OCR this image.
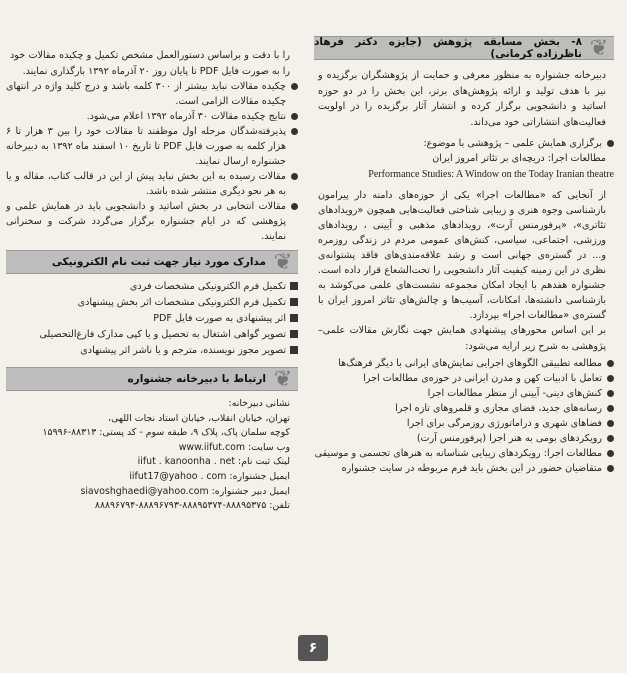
❦
۸- بخش مسابقه پژوهش (جایزه دکتر فرهاد ناظرزاده کرمانی)

دبیرخانه جشنواره به منظور معرفی و حمایت از پژوهشگران برگزیده و نیز با هدف تولید و ارائه پژوهش‌های برتر، این بخش را در دو حوزه اساتید و دانشجویی برگزار کرده و انتشار آثار برگزیده را در اولویت فعالیت‌های انتشاراتی خود می‌داند.

برگزاری همایش علمی – پژوهشی با موضوع:

مطالعات اجرا: دریچه‌ای بر تئاتر امروز ایران

Performance Studies: A Window on the Today Iranian theatre

از آنجایی که «مطالعات اجرا» یکی از حوزه‌های دامنه دار پیرامون بازشناسی وجوه هنری و زیبایی شناختی فعالیت‌هایی همچون «رویدادهای تئاتری»، «پرفورمنس آرت»، رویدادهای مذهبی و آیینی ، رویدادهای ورزشی، اجتماعی، سیاسی، کنش‌های عمومی مردم در زندگی روزمره و... در گستره‌ی جهانی است و رشد علاقه‌مندی‌های فاقد پشتوانه‌ی نظری در این زمینه کیفیت آثار دانشجویی را تحت‌الشعاع قرار داده است. جشنواره هفدهم با ایجاد امکان مجموعه نشست‌های علمی می‌کوشد به بازشناسی دانشته‌ها، امکانات، آسیب‌ها و چالش‌های تئاتر امروز ایران با گستره‌ی «مطالعات اجرا» بپردازد.

بر این اساس محورهای پیشنهادی همایش جهت نگارش مقالات علمی–پژوهشی به شرح زیر ارایه می‌شود:

مطالعه تطبیقی الگوهای اجرایی نمایش‌های ایرانی با دیگر فرهنگ‌ها
تعامل با ادبیات کهن و مدرن ایرانی در حوزه‌ی مطالعات اجرا
کنش‌های دینی- آیینی از منظر مطالعات اجرا
رسانه‌های جدید، فضای مجازی و قلمروهای تازه اجرا
فضاهای شهری و دراماتورژی روزمرگی برای اجرا
رویکردهای بومی به هنر اجرا (پرفورمنس آرت)
مطالعات اجرا: رویکردهای زیبایی شناسانه به هنرهای تجسمی و موسیقی
متقاضیان حضور در این بخش باید فرم مربوطه در سایت جشنواره

را با دقت و براساس دستورالعمل مشخص تکمیل و چکیده مقالات خود را به صورت فایل PDF تا پایان روز ۲۰ آذرماه ۱۳۹۲ بارگذاری نمایند.

چکیده مقالات نباید بیشتر از ۳۰۰ کلمه باشد و درج کلید واژه در انتهای چکیده مقالات الزامی است.
نتایج چکیده مقالات ۳۰ آذرماه ۱۳۹۲ اعلام می‌شود.
پذیرفته‌شدگان مرحله اول موظفند تا مقالات خود را بین ۳ هزار تا ۶ هزار کلمه به صورت فایل PDF تا تاریخ ۱۰ اسفند ماه ۱۳۹۲ به دبیرخانه جشنواره ارسال نمایند.
مقالات رسیده به این بخش نباید پیش از این در قالب کتاب، مقاله و یا به هر نحو دیگری منتشر شده باشد.
مقالات انتخابی در بخش اساتید و دانشجویی باید در همایش علمی و پژوهشی که در ایام جشنواره برگزار می‌گردد شرکت و سخنرانی نمایند.
❦
مدارک مورد نیاز جهت ثبت نام الکترونیکی
تکمیل فرم الکترونیکی مشخصات فردی
تکمیل فرم الکترونیکی مشخصات اثر بخش پیشنهادی
اثر پیشنهادی به صورت فایل PDF
تصویر گواهی اشتغال به تحصیل و یا کپی مدارک فارغ‌التحصیلی
تصویر مجوز نویسنده، مترجم و یا ناشر اثر پیشنهادی
❦
ارتباط با دبیرخانه جشنواره

نشانی دبیرخانه:

تهران، خیابان انقلاب، خیابان استاد نجات اللهی،

کوچه سلمان پاک، پلاک ۹، طبقه سوم - کد پستی: ۸۸۳۱۳-۱۵۹۹۶

وب سایت: www.iifut.com

لینک ثبت نام: iifut . kanoonha . net

ایمیل جشنواره: iifut17@yahoo . com

ایمیل دبیر جشنواره: siavoshghaedi@yahoo.com

تلفن: ۸۸۸۹۵۳۷۵-۸۸۸۹۵۳۷۴-۸۸۸۹۶۷۹۳-۸۸۸۹۶۷۹۴

۶
